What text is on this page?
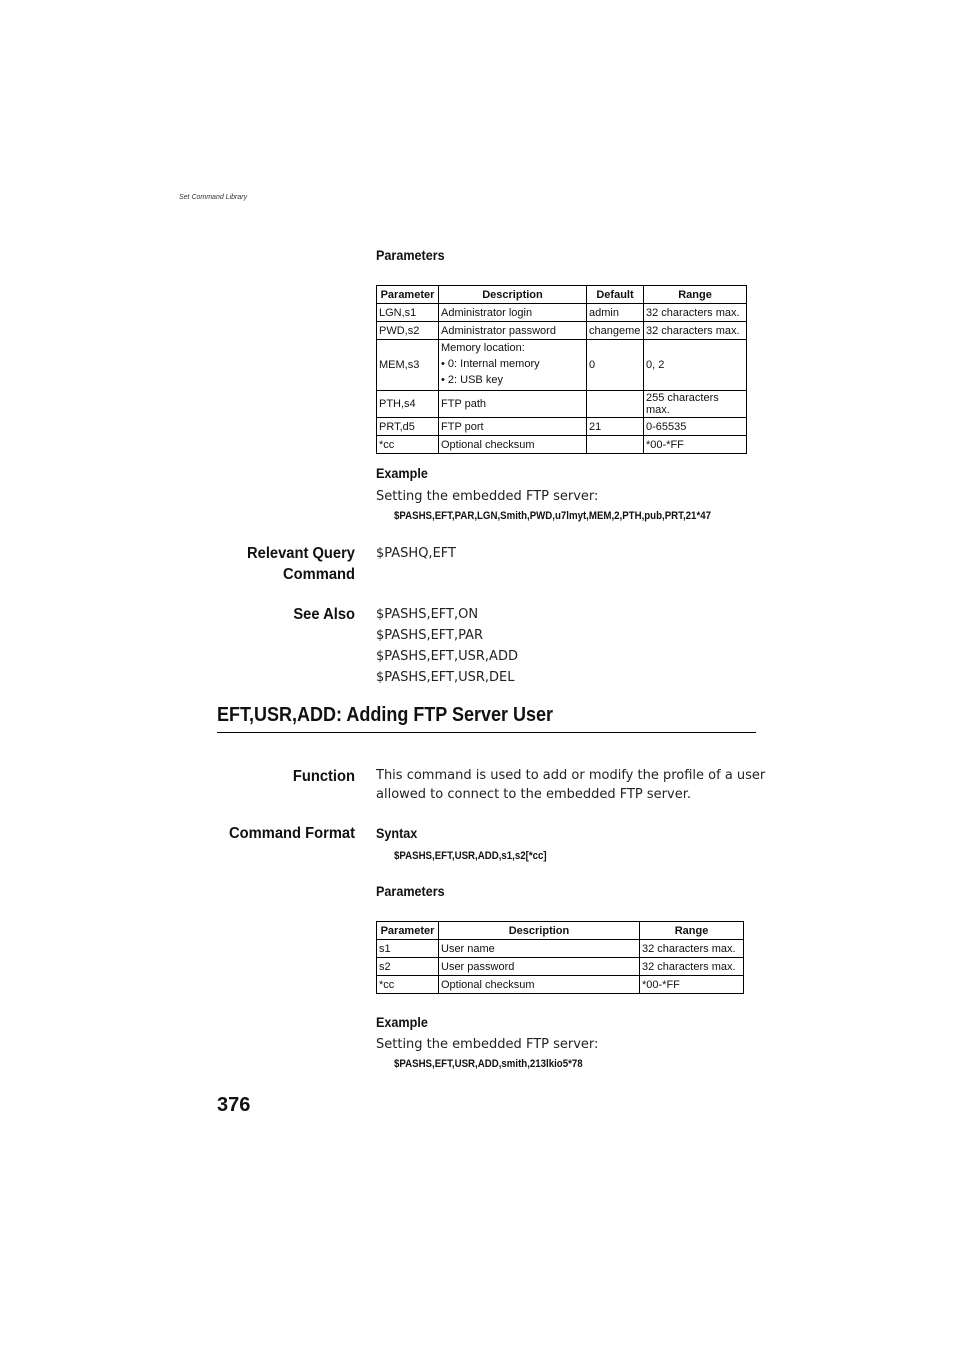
Set Command Library
Parameters
Parameter	Description	Default	Range
LGN,s1	Administrator login	admin	32 characters max.
PWD,s2	Administrator password	changeme	32 characters max.
MEM,s3	Memory location:
• 0: Internal memory
• 2: USB key	0	0, 2
PTH,s4	FTP path		255 characters max.
PRT,d5	FTP port	21	0-65535
*cc	Optional checksum		*00-*FF
Example
Setting the embedded FTP server:
$PASHS,EFT,PAR,LGN,Smith,PWD,u7lmyt,MEM,2,PTH,pub,PRT,21*47
Relevant Query
Command
$PASHQ,EFT
See Also $PASHS,EFT,ON
$PASHS,EFT,PAR
$PASHS,EFT,USR,ADD
$PASHS,EFT,USR,DEL
EFT,USR,ADD: Adding FTP Server User
Function This command is used to add or modify the profile of a user
allowed to connect to the embedded FTP server.
Command Format Syntax
$PASHS,EFT,USR,ADD,s1,s2[*cc]
Parameters
Parameter	Description	Range
s1	User name	32 characters max.
s2	User password	32 characters max.
*cc	Optional checksum	*00-*FF
Example
Setting the embedded FTP server:
$PASHS,EFT,USR,ADD,smith,213lkio5*78
376
